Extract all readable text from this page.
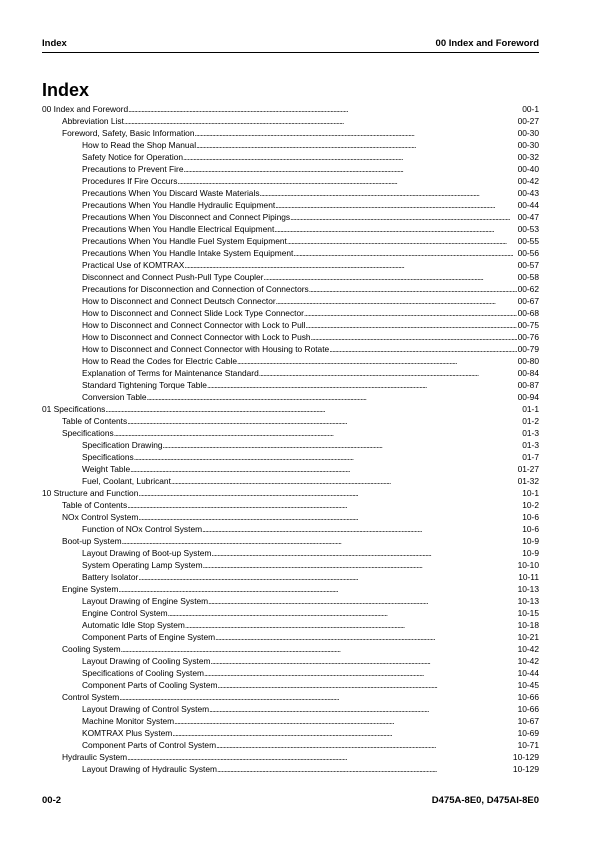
Index	00 Index and Foreword
Index
00 Index and Foreword . . .	00-1
Abbreviation List . . .	00-27
Foreword, Safety, Basic Information . . .	00-30
How to Read the Shop Manual . . .	00-30
Safety Notice for Operation . . .	00-32
Precautions to Prevent Fire . . .	00-40
Procedures If Fire Occurs . . .	00-42
Precautions When You Discard Waste Materials . . .	00-43
Precautions When You Handle Hydraulic Equipment . . .	00-44
Precautions When You Disconnect and Connect Pipings . . .	00-47
Precautions When You Handle Electrical Equipment . . .	00-53
Precautions When You Handle Fuel System Equipment . . .	00-55
Precautions When You Handle Intake System Equipment . . .	00-56
Practical Use of KOMTRAX . . .	00-57
Disconnect and Connect Push-Pull Type Coupler . . .	00-58
Precautions for Disconnection and Connection of Connectors . . .	00-62
How to Disconnect and Connect Deutsch Connector . . .	00-67
How to Disconnect and Connect Slide Lock Type Connector . . .	00-68
How to Disconnect and Connect Connector with Lock to Pull . . .	00-75
How to Disconnect and Connect Connector with Lock to Push . . .	00-76
How to Disconnect and Connect Connector with Housing to Rotate . . .	00-79
How to Read the Codes for Electric Cable . . .	00-80
Explanation of Terms for Maintenance Standard . . .	00-84
Standard Tightening Torque Table . . .	00-87
Conversion Table . . .	00-94
01 Specifications . . .	01-1
Table of Contents . . .	01-2
Specifications . . .	01-3
Specification Drawing . . .	01-3
Specifications . . .	01-7
Weight Table . . .	01-27
Fuel, Coolant, Lubricant . . .	01-32
10 Structure and Function . . .	10-1
Table of Contents . . .	10-2
NOx Control System . . .	10-6
Function of NOx Control System . . .	10-6
Boot-up System . . .	10-9
Layout Drawing of Boot-up System . . .	10-9
System Operating Lamp System . . .	10-10
Battery Isolator . . .	10-11
Engine System . . .	10-13
Layout Drawing of Engine System . . .	10-13
Engine Control System . . .	10-15
Automatic Idle Stop System . . .	10-18
Component Parts of Engine System . . .	10-21
Cooling System . . .	10-42
Layout Drawing of Cooling System . . .	10-42
Specifications of Cooling System . . .	10-44
Component Parts of Cooling System . . .	10-45
Control System . . .	10-66
Layout Drawing of Control System . . .	10-66
Machine Monitor System . . .	10-67
KOMTRAX Plus System . . .	10-69
Component Parts of Control System . . .	10-71
Hydraulic System . . .	10-129
Layout Drawing of Hydraulic System . . .	10-129
00-2	D475A-8E0, D475AI-8E0
